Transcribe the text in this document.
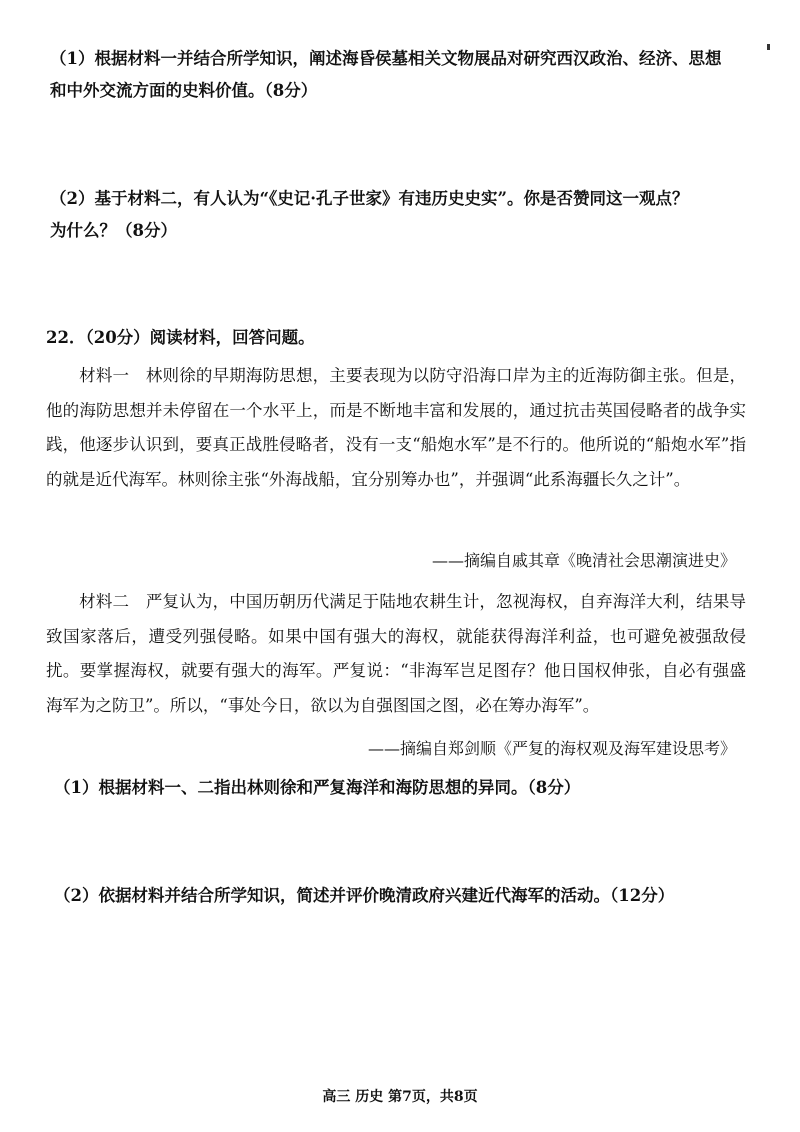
（1）根据材料一并结合所学知识，阐述海昏侯墓相关文物展品对研究西汉政治、经济、思想
和中外交流方面的史料价值。（8分）
（2）基于材料二，有人认为“《史记·孔子世家》有违历史史实”。你是否赞同这一观点？
为什么？（8分）
22．（20分）阅读材料，回答问题。
材料一　林则徐的早期海防思想，主要表现为以防守沿海口岸为主的近海防御主张。但是，他的海防思想并未停留在一个水平上，而是不断地丰富和发展的，通过抗击英国侵略者的战争实践，他逐步认识到，要真正战胜侵略者，没有一支“船炮水军”是不行的。他所说的“船炮水军”指的就是近代海军。林则徐主张“外海战船，宜分别筹办也”，并强调“此系海疆长久之计”。
——摘编自戚其章《晚清社会思潮演进史》
材料二　严复认为，中国历朝历代满足于陆地农耕生计，忽视海权，自弃海洋大利，结果导致国家落后，遭受列强侵略。如果中国有强大的海权，就能获得海洋利益，也可避免被强敌侵扰。要掌握海权，就要有强大的海军。严复说：“非海军岂足图存？他日国权伸张，自必有强盛海军为之防卫”。所以，“事处今日，欲以为自强图国之图，必在筹办海军”。
——摘编自郑剑顺《严复的海权观及海军建设思考》
（1）根据材料一、二指出林则徐和严复海洋和海防思想的异同。（8分）
（2）依据材料并结合所学知识，简述并评价晚清政府兴建近代海军的活动。（12分）
高三 历史 第7页，共8页
